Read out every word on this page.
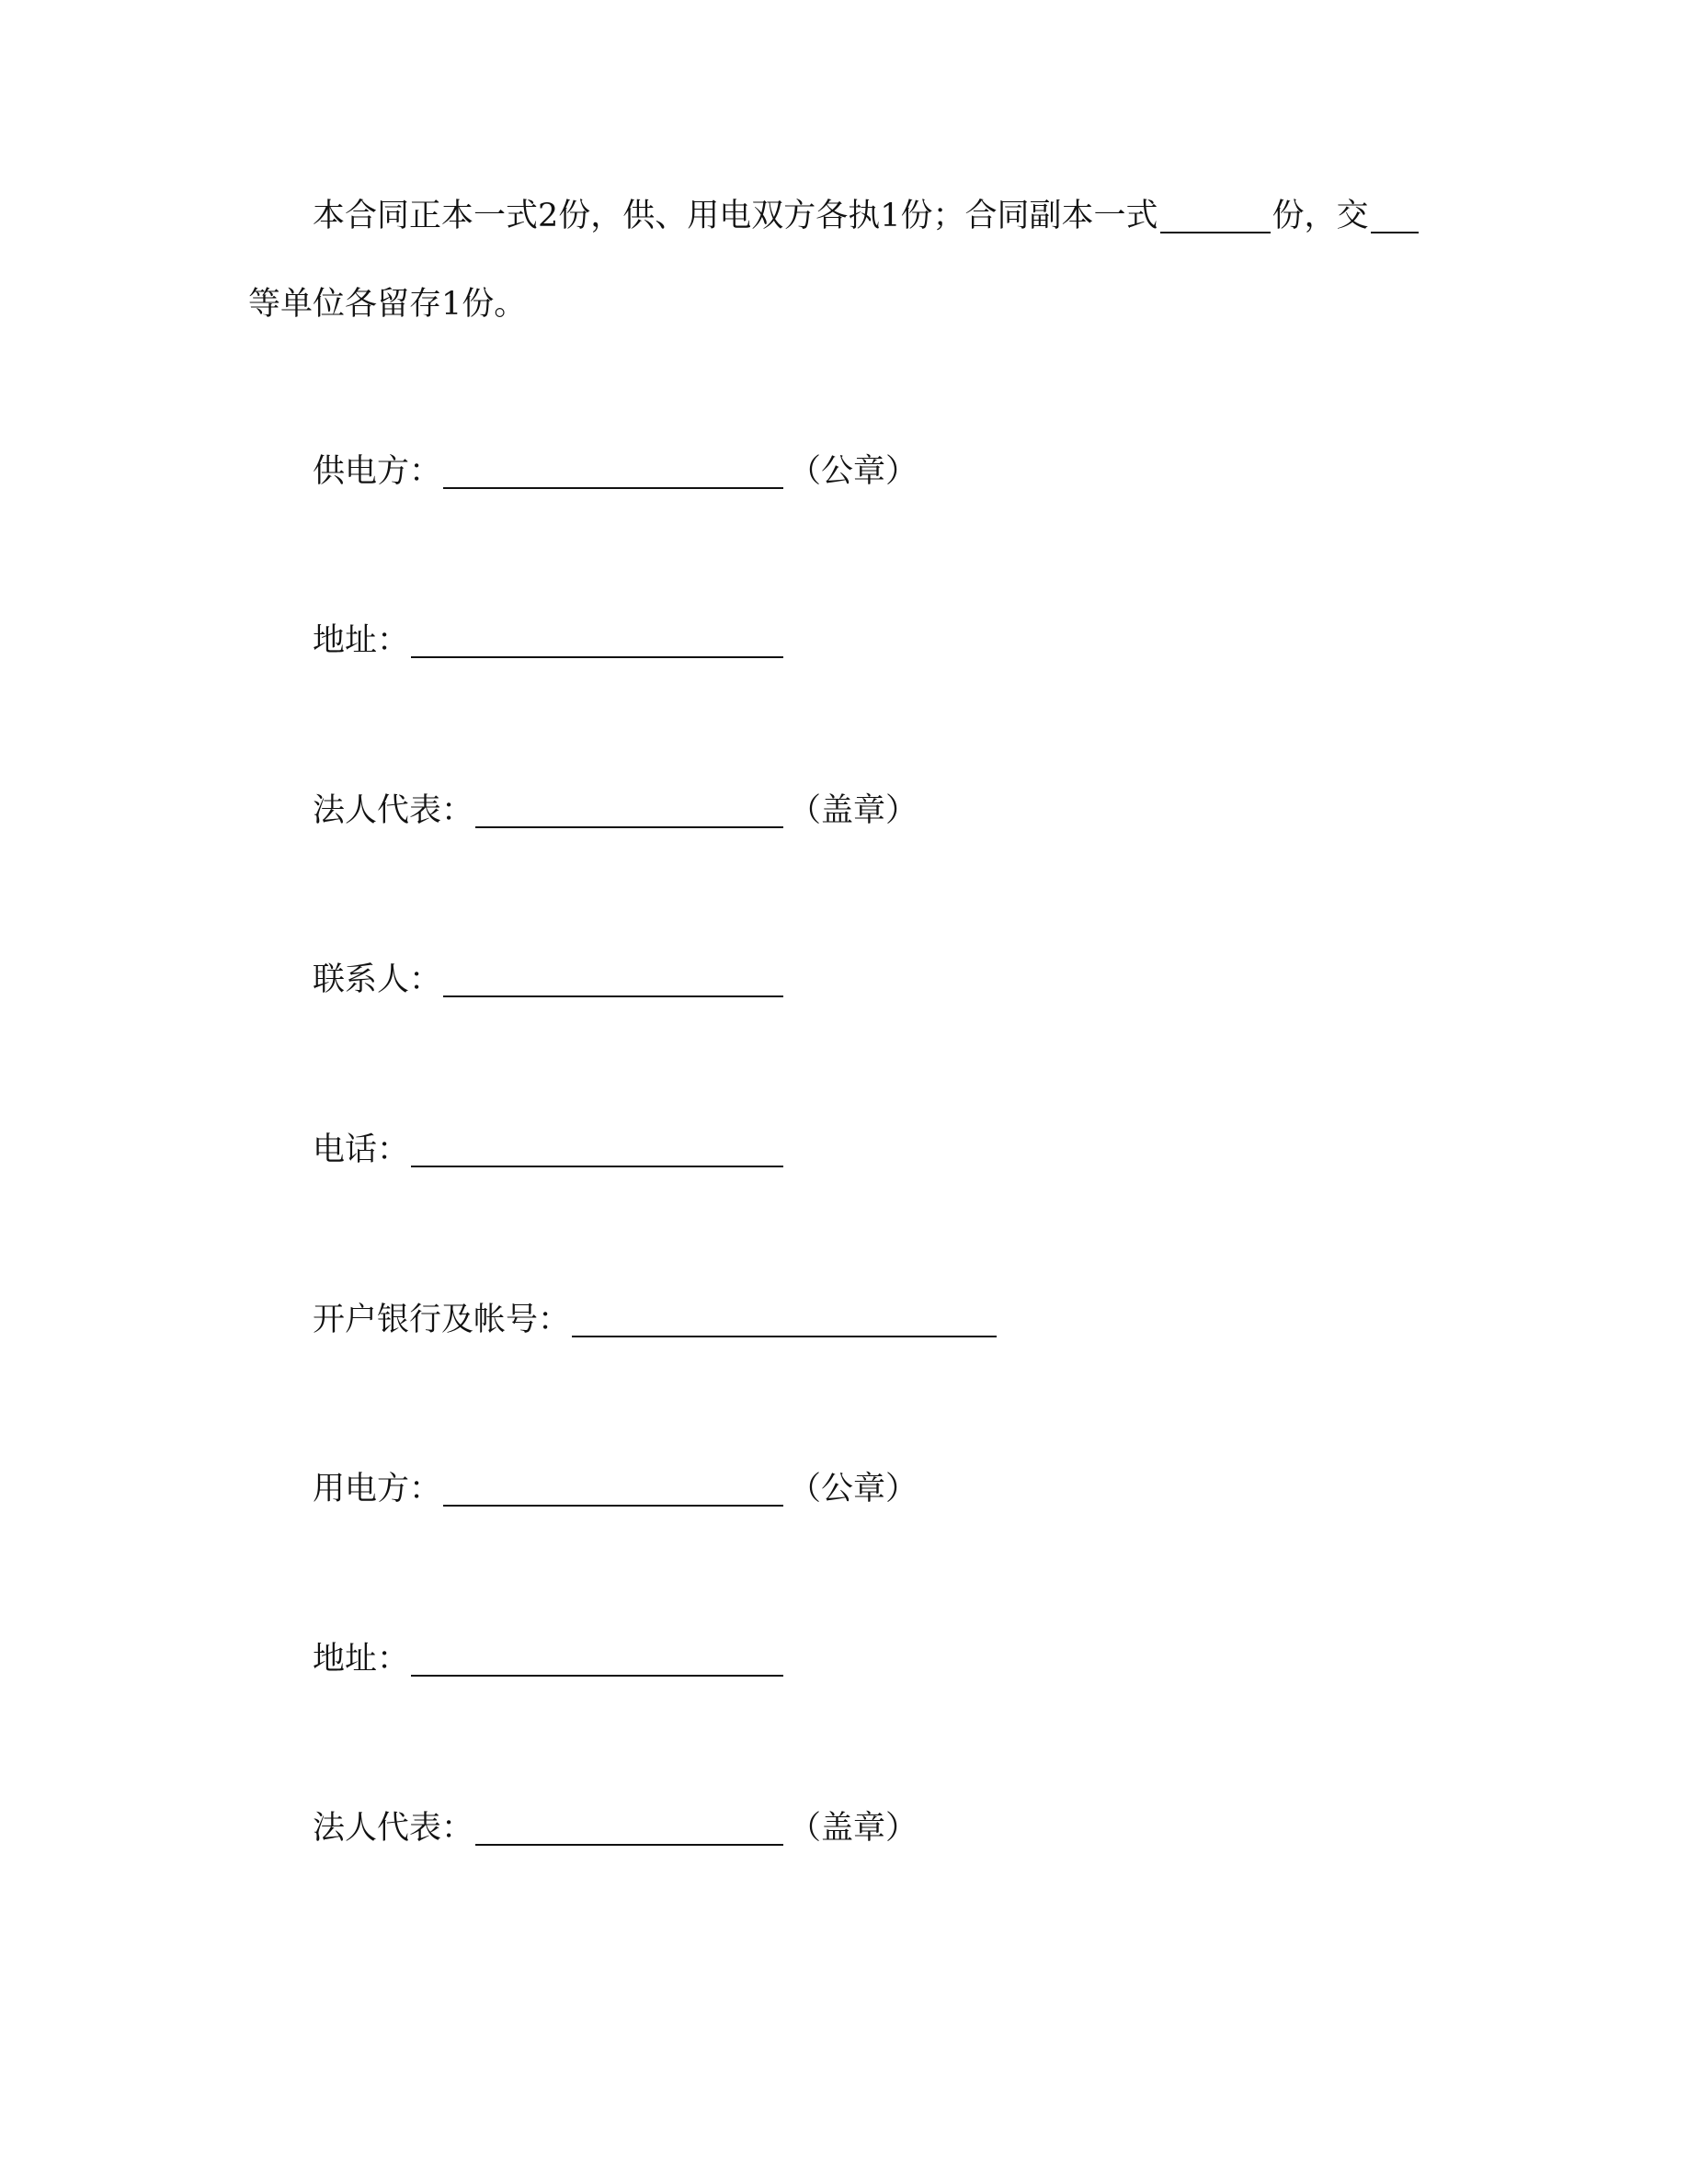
本合同正本一式2份，供、用电双方各执1份；合同副本一式	份，交
等单位各留存1份。
供电方：	（公章）
地址：
法人代表：	（盖章）
联系人：
电话：
开户银行及帐号：
用电方：	（公章）
地址：
法人代表：	（盖章）
